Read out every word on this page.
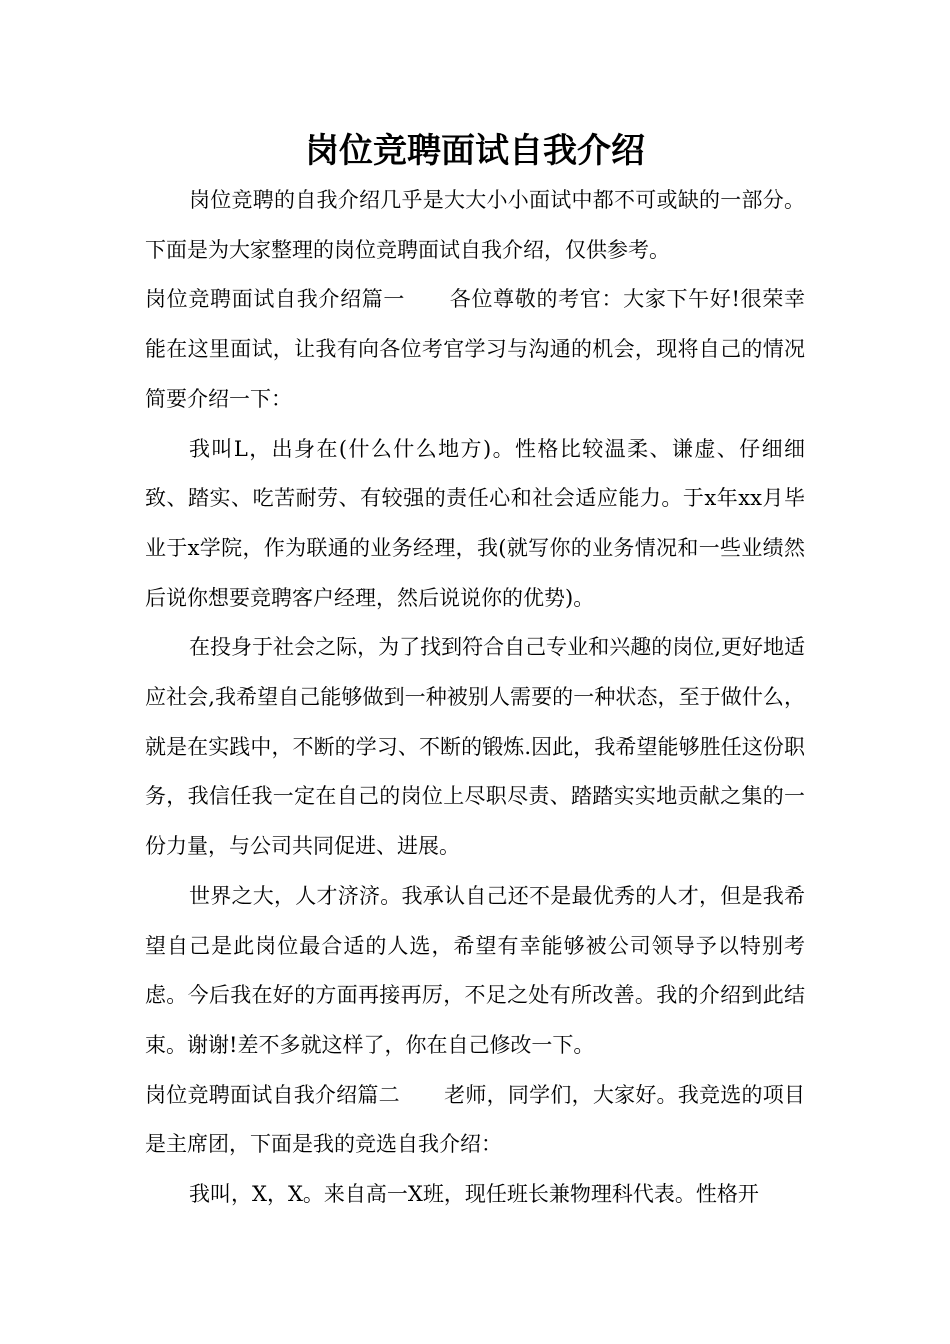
岗位竞聘面试自我介绍

岗位竞聘的自我介绍几乎是大大小小面试中都不可或缺的一部分。下面是为大家整理的岗位竞聘面试自我介绍，仅供参考。

岗位竞聘面试自我介绍篇一 各位尊敬的考官：大家下午好!很荣幸能在这里面试，让我有向各位考官学习与沟通的机会，现将自己的情况简要介绍一下：

我叫L，出身在(什么什么地方)。性格比较温柔、谦虚、仔细细致、踏实、吃苦耐劳、有较强的责任心和社会适应能力。于x年xx月毕业于x学院，作为联通的业务经理，我(就写你的业务情况和一些业绩然后说你想要竞聘客户经理，然后说说你的优势)。

在投身于社会之际，为了找到符合自己专业和兴趣的岗位,更好地适应社会,我希望自己能够做到一种被别人需要的一种状态，至于做什么，就是在实践中，不断的学习、不断的锻炼.因此，我希望能够胜任这份职务，我信任我一定在自己的岗位上尽职尽责、踏踏实实地贡献之集的一份力量，与公司共同促进、进展。

世界之大，人才济济。我承认自己还不是最优秀的人才，但是我希望自己是此岗位最合适的人选，希望有幸能够被公司领导予以特别考虑。今后我在好的方面再接再厉，不足之处有所改善。我的介绍到此结束。谢谢!差不多就这样了，你在自己修改一下。

岗位竞聘面试自我介绍篇二 老师，同学们，大家好。我竞选的项目是主席团，下面是我的竞选自我介绍：

我叫，X，X。来自高一X班，现任班长兼物理科代表。性格开
